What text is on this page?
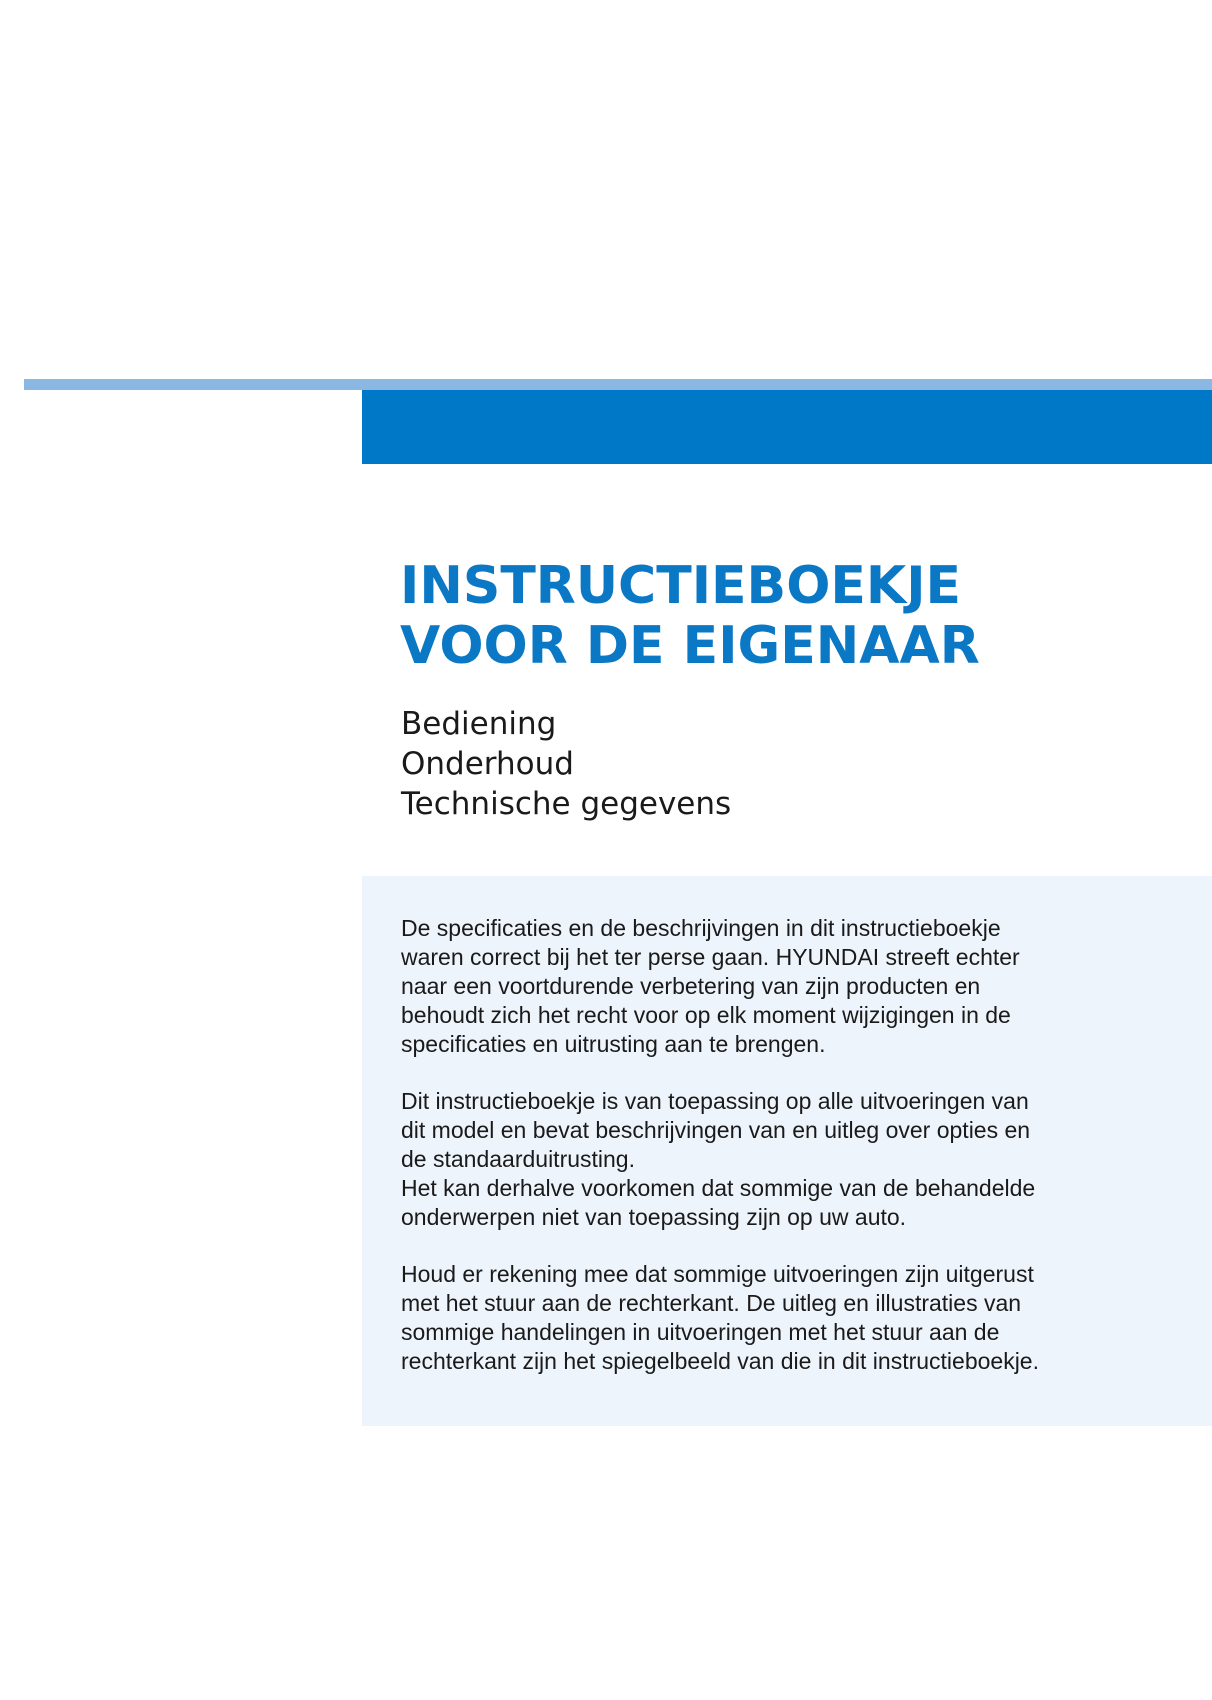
INSTRUCTIEBOEKJE
VOOR DE EIGENAAR
Bediening
Onderhoud
Technische gegevens

De specificaties en de beschrijvingen in dit instructieboekje
waren correct bij het ter perse gaan. HYUNDAI streeft echter
naar een voortdurende verbetering van zijn producten en
behoudt zich het recht voor op elk moment wijzigingen in de
specificaties en uitrusting aan te brengen.

Dit instructieboekje is van toepassing op alle uitvoeringen van
dit model en bevat beschrijvingen van en uitleg over opties en
de standaarduitrusting.
Het kan derhalve voorkomen dat sommige van de behandelde
onderwerpen niet van toepassing zijn op uw auto.

Houd er rekening mee dat sommige uitvoeringen zijn uitgerust
met het stuur aan de rechterkant. De uitleg en illustraties van
sommige handelingen in uitvoeringen met het stuur aan de
rechterkant zijn het spiegelbeeld van die in dit instructieboekje.
